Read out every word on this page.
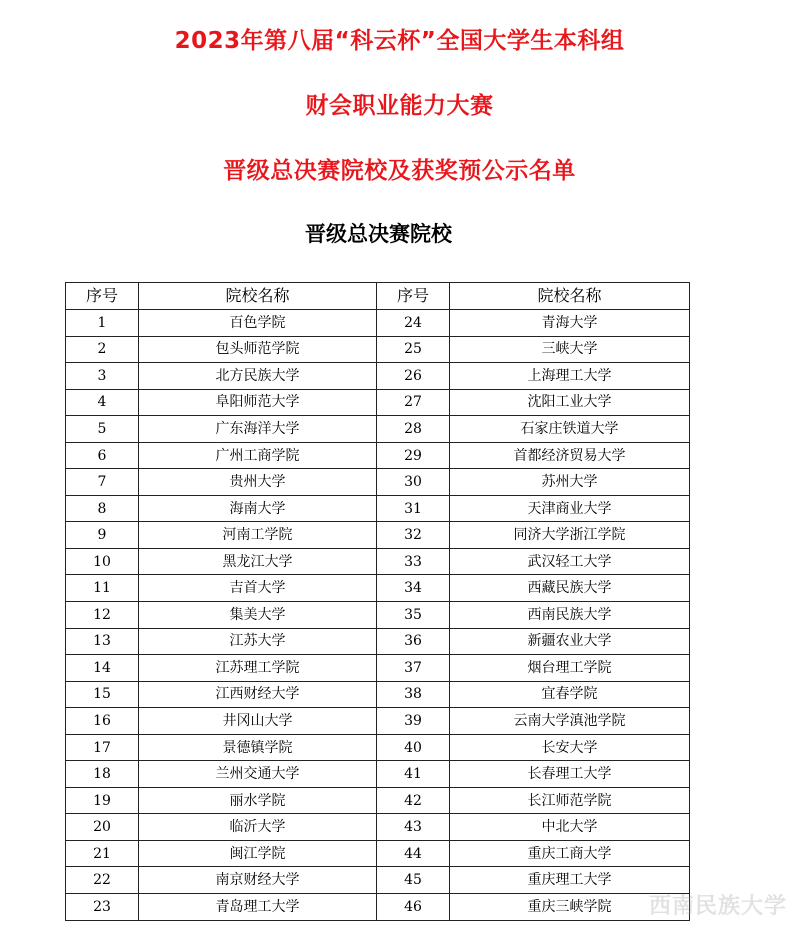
2023年第八届“科云杯”全国大学生本科组
财会职业能力大赛
晋级总决赛院校及获奖预公示名单
晋级总决赛院校
序号	院校名称	序号	院校名称
1	百色学院	24	青海大学
2	包头师范学院	25	三峡大学
3	北方民族大学	26	上海理工大学
4	阜阳师范大学	27	沈阳工业大学
5	广东海洋大学	28	石家庄铁道大学
6	广州工商学院	29	首都经济贸易大学
7	贵州大学	30	苏州大学
8	海南大学	31	天津商业大学
9	河南工学院	32	同济大学浙江学院
10	黑龙江大学	33	武汉轻工大学
11	吉首大学	34	西藏民族大学
12	集美大学	35	西南民族大学
13	江苏大学	36	新疆农业大学
14	江苏理工学院	37	烟台理工学院
15	江西财经大学	38	宜春学院
16	井冈山大学	39	云南大学滇池学院
17	景德镇学院	40	长安大学
18	兰州交通大学	41	长春理工大学
19	丽水学院	42	长江师范学院
20	临沂大学	43	中北大学
21	闽江学院	44	重庆工商大学
22	南京财经大学	45	重庆理工大学
23	青岛理工大学	46	重庆三峡学院 西南民族大学
